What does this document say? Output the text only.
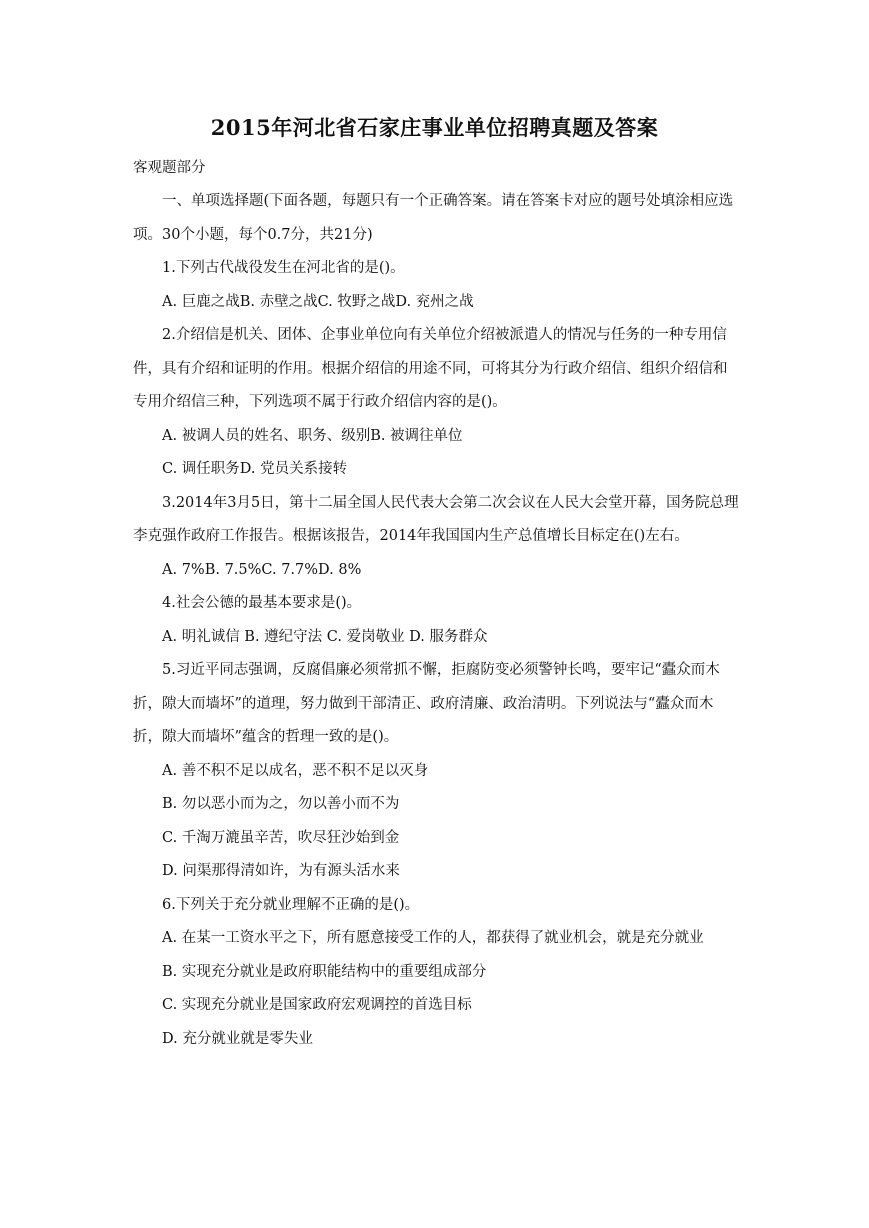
2015年河北省石家庄事业单位招聘真题及答案
客观题部分

一、单项选择题(下面各题，每题只有一个正确答案。请在答案卡对应的题号处填涂相应选项。30个小题，每个0.7分，共21分)

1.下列古代战役发生在河北省的是()。

A. 巨鹿之战B. 赤壁之战C. 牧野之战D. 兖州之战

2.介绍信是机关、团体、企事业单位向有关单位介绍被派遣人的情况与任务的一种专用信件，具有介绍和证明的作用。根据介绍信的用途不同，可将其分为行政介绍信、组织介绍信和专用介绍信三种，下列选项不属于行政介绍信内容的是()。

A. 被调人员的姓名、职务、级别B. 被调往单位

C. 调任职务D. 党员关系接转

3.2014年3月5日，第十二届全国人民代表大会第二次会议在人民大会堂开幕，国务院总理李克强作政府工作报告。根据该报告，2014年我国国内生产总值增长目标定在()左右。

A. 7%B. 7.5%C. 7.7%D. 8%

4.社会公德的最基本要求是()。

A. 明礼诚信 B. 遵纪守法 C. 爱岗敬业 D. 服务群众

5.习近平同志强调，反腐倡廉必须常抓不懈，拒腐防变必须警钟长鸣，要牢记“蠹众而木折，隙大而墙坏”的道理，努力做到干部清正、政府清廉、政治清明。下列说法与“蠹众而木折，隙大而墙坏”蕴含的哲理一致的是()。

A. 善不积不足以成名，恶不积不足以灭身

B. 勿以恶小而为之，勿以善小而不为

C. 千淘万漉虽辛苦，吹尽狂沙始到金

D. 问渠那得清如许，为有源头活水来

6.下列关于充分就业理解不正确的是()。

A. 在某一工资水平之下，所有愿意接受工作的人，都获得了就业机会，就是充分就业

B. 实现充分就业是政府职能结构中的重要组成部分

C. 实现充分就业是国家政府宏观调控的首选目标

D. 充分就业就是零失业
